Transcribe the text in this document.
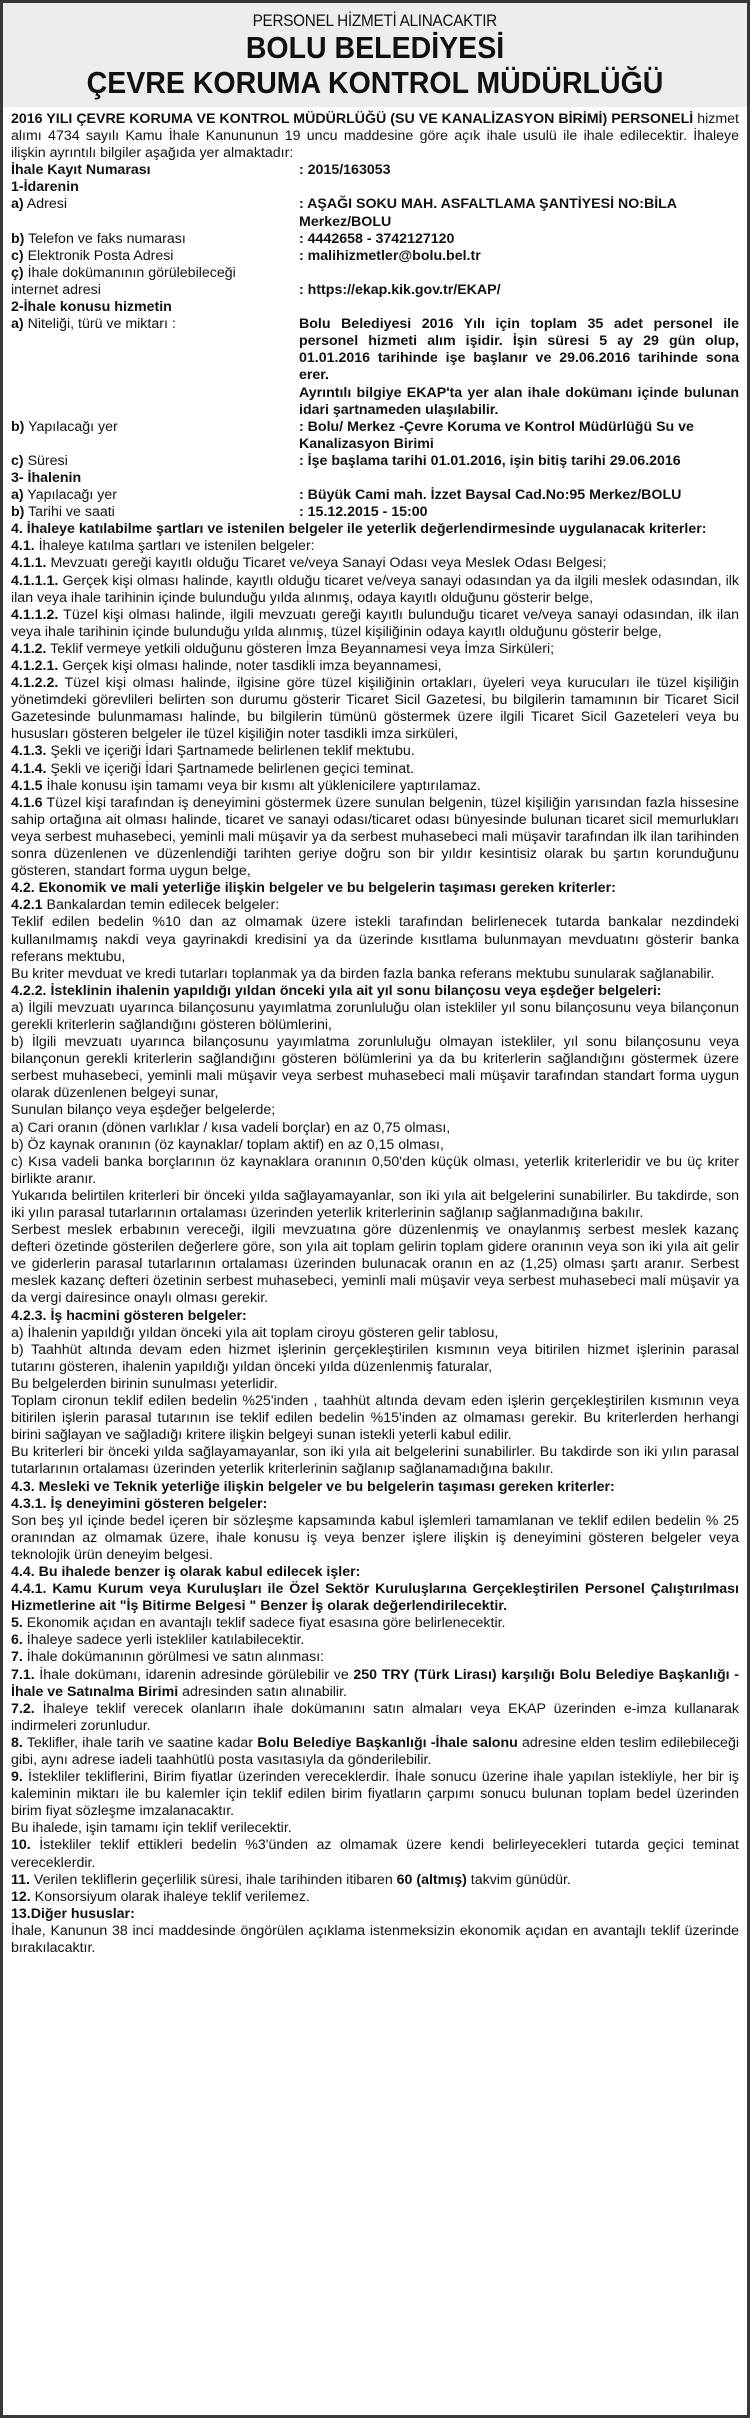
PERSONEL HİZMETİ ALINACAKTIR
BOLU BELEDİYESİ
ÇEVRE KORUMA KONTROL MÜDÜRLÜĞÜ

2016 YILI ÇEVRE KORUMA VE KONTROL MÜDÜRLÜĞÜ (SU VE KANALİZASYON BİRİMİ) PERSONELİ hizmet alımı 4734 sayılı Kamu İhale Kanununun 19 uncu maddesine göre açık ihale usulü ile ihale edilecektir. İhaleye ilişkin ayrıntılı bilgiler aşağıda yer almaktadır:

İhale Kayıt Numarası	: 2015/163053
1-İdarenin
a) Adresi	: AŞAĞI SOKU MAH. ASFALTLAMA ŞANTİYESİ NO:BİLA Merkez/BOLU
b) Telefon ve faks numarası	: 4442658 - 3742127120
c) Elektronik Posta Adresi	: malihizmetler@bolu.bel.tr
ç) İhale dokümanının görülebileceği
internet adresi	: https://ekap.kik.gov.tr/EKAP/
2-İhale konusu hizmetin
a) Niteliği, türü ve miktarı :	Bolu Belediyesi 2016 Yılı için toplam 35 adet personel ile personel hizmeti alım işidir. İşin süresi 5 ay 29 gün olup, 01.01.2016 tarihinde işe başlanır ve 29.06.2016 tarihinde sona erer.
Ayrıntılı bilgiye EKAP'ta yer alan ihale dokümanı içinde bulunan idari şartnameden ulaşılabilir.
b) Yapılacağı yer	: Bolu/ Merkez -Çevre Koruma ve Kontrol Müdürlüğü Su ve Kanalizasyon Birimi
c) Süresi	: İşe başlama tarihi 01.01.2016, işin bitiş tarihi 29.06.2016
3- İhalenin
a) Yapılacağı yer	: Büyük Cami mah. İzzet Baysal Cad.No:95 Merkez/BOLU
b) Tarihi ve saati	: 15.12.2015 - 15:00

4. İhaleye katılabilme şartları ve istenilen belgeler ile yeterlik değerlendirmesinde uygulanacak kriterler:

4.1. İhaleye katılma şartları ve istenilen belgeler:

4.1.1. Mevzuatı gereği kayıtlı olduğu Ticaret ve/veya Sanayi Odası veya Meslek Odası Belgesi;

4.1.1.1. Gerçek kişi olması halinde, kayıtlı olduğu ticaret ve/veya sanayi odasından ya da ilgili meslek odasından, ilk ilan veya ihale tarihinin içinde bulunduğu yılda alınmış, odaya kayıtlı olduğunu gösterir belge,

4.1.1.2. Tüzel kişi olması halinde, ilgili mevzuatı gereği kayıtlı bulunduğu ticaret ve/veya sanayi odasından, ilk ilan veya ihale tarihinin içinde bulunduğu yılda alınmış, tüzel kişiliğinin odaya kayıtlı olduğunu gösterir belge,

4.1.2. Teklif vermeye yetkili olduğunu gösteren İmza Beyannamesi veya İmza Sirküleri;

4.1.2.1. Gerçek kişi olması halinde, noter tasdikli imza beyannamesi,

4.1.2.2. Tüzel kişi olması halinde, ilgisine göre tüzel kişiliğinin ortakları, üyeleri veya kurucuları ile tüzel kişiliğin yönetimdeki görevlileri belirten son durumu gösterir Ticaret Sicil Gazetesi, bu bilgilerin tamamının bir Ticaret Sicil Gazetesinde bulunmaması halinde, bu bilgilerin tümünü göstermek üzere ilgili Ticaret Sicil Gazeteleri veya bu hususları gösteren belgeler ile tüzel kişiliğin noter tasdikli imza sirküleri,

4.1.3. Şekli ve içeriği İdari Şartnamede belirlenen teklif mektubu.

4.1.4. Şekli ve içeriği İdari Şartnamede belirlenen geçici teminat.

4.1.5 İhale konusu işin tamamı veya bir kısmı alt yüklenicilere yaptırılamaz.

4.1.6 Tüzel kişi tarafından iş deneyimini göstermek üzere sunulan belgenin, tüzel kişiliğin yarısından fazla hissesine sahip ortağına ait olması halinde, ticaret ve sanayi odası/ticaret odası bünyesinde bulunan ticaret sicil memurlukları veya serbest muhasebeci, yeminli mali müşavir ya da serbest muhasebeci mali müşavir tarafından ilk ilan tarihinden sonra düzenlenen ve düzenlendiği tarihten geriye doğru son bir yıldır kesintisiz olarak bu şartın korunduğunu gösteren, standart forma uygun belge,

4.2. Ekonomik ve mali yeterliğe ilişkin belgeler ve bu belgelerin taşıması gereken kriterler:

4.2.1 Bankalardan temin edilecek belgeler:

Teklif edilen bedelin %10 dan az olmamak üzere istekli tarafından belirlenecek tutarda bankalar nezdindeki kullanılmamış nakdi veya gayrinakdi kredisini ya da üzerinde kısıtlama bulunmayan mevduatını gösterir banka referans mektubu,

Bu kriter mevduat ve kredi tutarları toplanmak ya da birden fazla banka referans mektubu sunularak sağlanabilir.

4.2.2. İsteklinin ihalenin yapıldığı yıldan önceki yıla ait yıl sonu bilançosu veya eşdeğer belgeleri:

a) İlgili mevzuatı uyarınca bilançosunu yayımlatma zorunluluğu olan istekliler yıl sonu bilançosunu veya bilançonun gerekli kriterlerin sağlandığını gösteren bölümlerini,

b) İlgili mevzuatı uyarınca bilançosunu yayımlatma zorunluluğu olmayan istekliler, yıl sonu bilançosunu veya bilançonun gerekli kriterlerin sağlandığını gösteren bölümlerini ya da bu kriterlerin sağlandığını göstermek üzere serbest muhasebeci, yeminli mali müşavir veya serbest muhasebeci mali müşavir tarafından standart forma uygun olarak düzenlenen belgeyi sunar,

Sunulan bilanço veya eşdeğer belgelerde;

a) Cari oranın (dönen varlıklar / kısa vadeli borçlar) en az 0,75 olması,

b) Öz kaynak oranının (öz kaynaklar/ toplam aktif) en az 0,15 olması,

c) Kısa vadeli banka borçlarının öz kaynaklara oranının 0,50'den küçük olması, yeterlik kriterleridir ve bu üç kriter birlikte aranır.

Yukarıda belirtilen kriterleri bir önceki yılda sağlayamayanlar, son iki yıla ait belgelerini sunabilirler. Bu takdirde, son iki yılın parasal tutarlarının ortalaması üzerinden yeterlik kriterlerinin sağlanıp sağlanmadığına bakılır.

Serbest meslek erbabının vereceği, ilgili mevzuatına göre düzenlenmiş ve onaylanmış serbest meslek kazanç defteri özetinde gösterilen değerlere göre, son yıla ait toplam gelirin toplam gidere oranının veya son iki yıla ait gelir ve giderlerin parasal tutarlarının ortalaması üzerinden bulunacak oranın en az (1,25) olması şartı aranır. Serbest meslek kazanç defteri özetinin serbest muhasebeci, yeminli mali müşavir veya serbest muhasebeci mali müşavir ya da vergi dairesince onaylı olması gerekir.

4.2.3. İş hacmini gösteren belgeler:

a) İhalenin yapıldığı yıldan önceki yıla ait toplam ciroyu gösteren gelir tablosu,

b) Taahhüt altında devam eden hizmet işlerinin gerçekleştirilen kısmının veya bitirilen hizmet işlerinin parasal tutarını gösteren, ihalenin yapıldığı yıldan önceki yılda düzenlenmiş faturalar,

Bu belgelerden birinin sunulması yeterlidir.

Toplam cironun teklif edilen bedelin %25'inden , taahhüt altında devam eden işlerin gerçekleştirilen kısmının veya bitirilen işlerin parasal tutarının ise teklif edilen bedelin %15'inden az olmaması gerekir. Bu kriterlerden herhangi birini sağlayan ve sağladığı kritere ilişkin belgeyi sunan istekli yeterli kabul edilir.

Bu kriterleri bir önceki yılda sağlayamayanlar, son iki yıla ait belgelerini sunabilirler. Bu takdirde son iki yılın parasal tutarlarının ortalaması üzerinden yeterlik kriterlerinin sağlanıp sağlanamadığına bakılır.

4.3. Mesleki ve Teknik yeterliğe ilişkin belgeler ve bu belgelerin taşıması gereken kriterler:

4.3.1. İş deneyimini gösteren belgeler:

Son beş yıl içinde bedel içeren bir sözleşme kapsamında kabul işlemleri tamamlanan ve teklif edilen bedelin % 25 oranından az olmamak üzere, ihale konusu iş veya benzer işlere ilişkin iş deneyimini gösteren belgeler veya teknolojik ürün deneyim belgesi.

4.4. Bu ihalede benzer iş olarak kabul edilecek işler:

4.4.1. Kamu Kurum veya Kuruluşları ile Özel Sektör Kuruluşlarına Gerçekleştirilen Personel Çalıştırılması Hizmetlerine ait "İş Bitirme Belgesi " Benzer İş olarak değerlendirilecektir.

5. Ekonomik açıdan en avantajlı teklif sadece fiyat esasına göre belirlenecektir.

6. İhaleye sadece yerli istekliler katılabilecektir.

7. İhale dokümanının görülmesi ve satın alınması:

7.1. İhale dokümanı, idarenin adresinde görülebilir ve 250 TRY (Türk Lirası) karşılığı Bolu Belediye Başkanlığı - İhale ve Satınalma Birimi adresinden satın alınabilir.

7.2. İhaleye teklif verecek olanların ihale dokümanını satın almaları veya EKAP üzerinden e-imza kullanarak indirmeleri zorunludur.

8. Teklifler, ihale tarih ve saatine kadar Bolu Belediye Başkanlığı -İhale salonu adresine elden teslim edilebileceği gibi, aynı adrese iadeli taahhütlü posta vasıtasıyla da gönderilebilir.

9. İstekliler tekliflerini, Birim fiyatlar üzerinden vereceklerdir. İhale sonucu üzerine ihale yapılan istekliyle, her bir iş kaleminin miktarı ile bu kalemler için teklif edilen birim fiyatların çarpımı sonucu bulunan toplam bedel üzerinden birim fiyat sözleşme imzalanacaktır.

Bu ihalede, işin tamamı için teklif verilecektir.

10. İstekliler teklif ettikleri bedelin %3'ünden az olmamak üzere kendi belirleyecekleri tutarda geçici teminat vereceklerdir.

11. Verilen tekliflerin geçerlilik süresi, ihale tarihinden itibaren 60 (altmış) takvim günüdür.

12. Konsorsiyum olarak ihaleye teklif verilemez.

13.Diğer hususlar:

İhale, Kanunun 38 inci maddesinde öngörülen açıklama istenmeksizin ekonomik açıdan en avantajlı teklif üzerinde bırakılacaktır.
